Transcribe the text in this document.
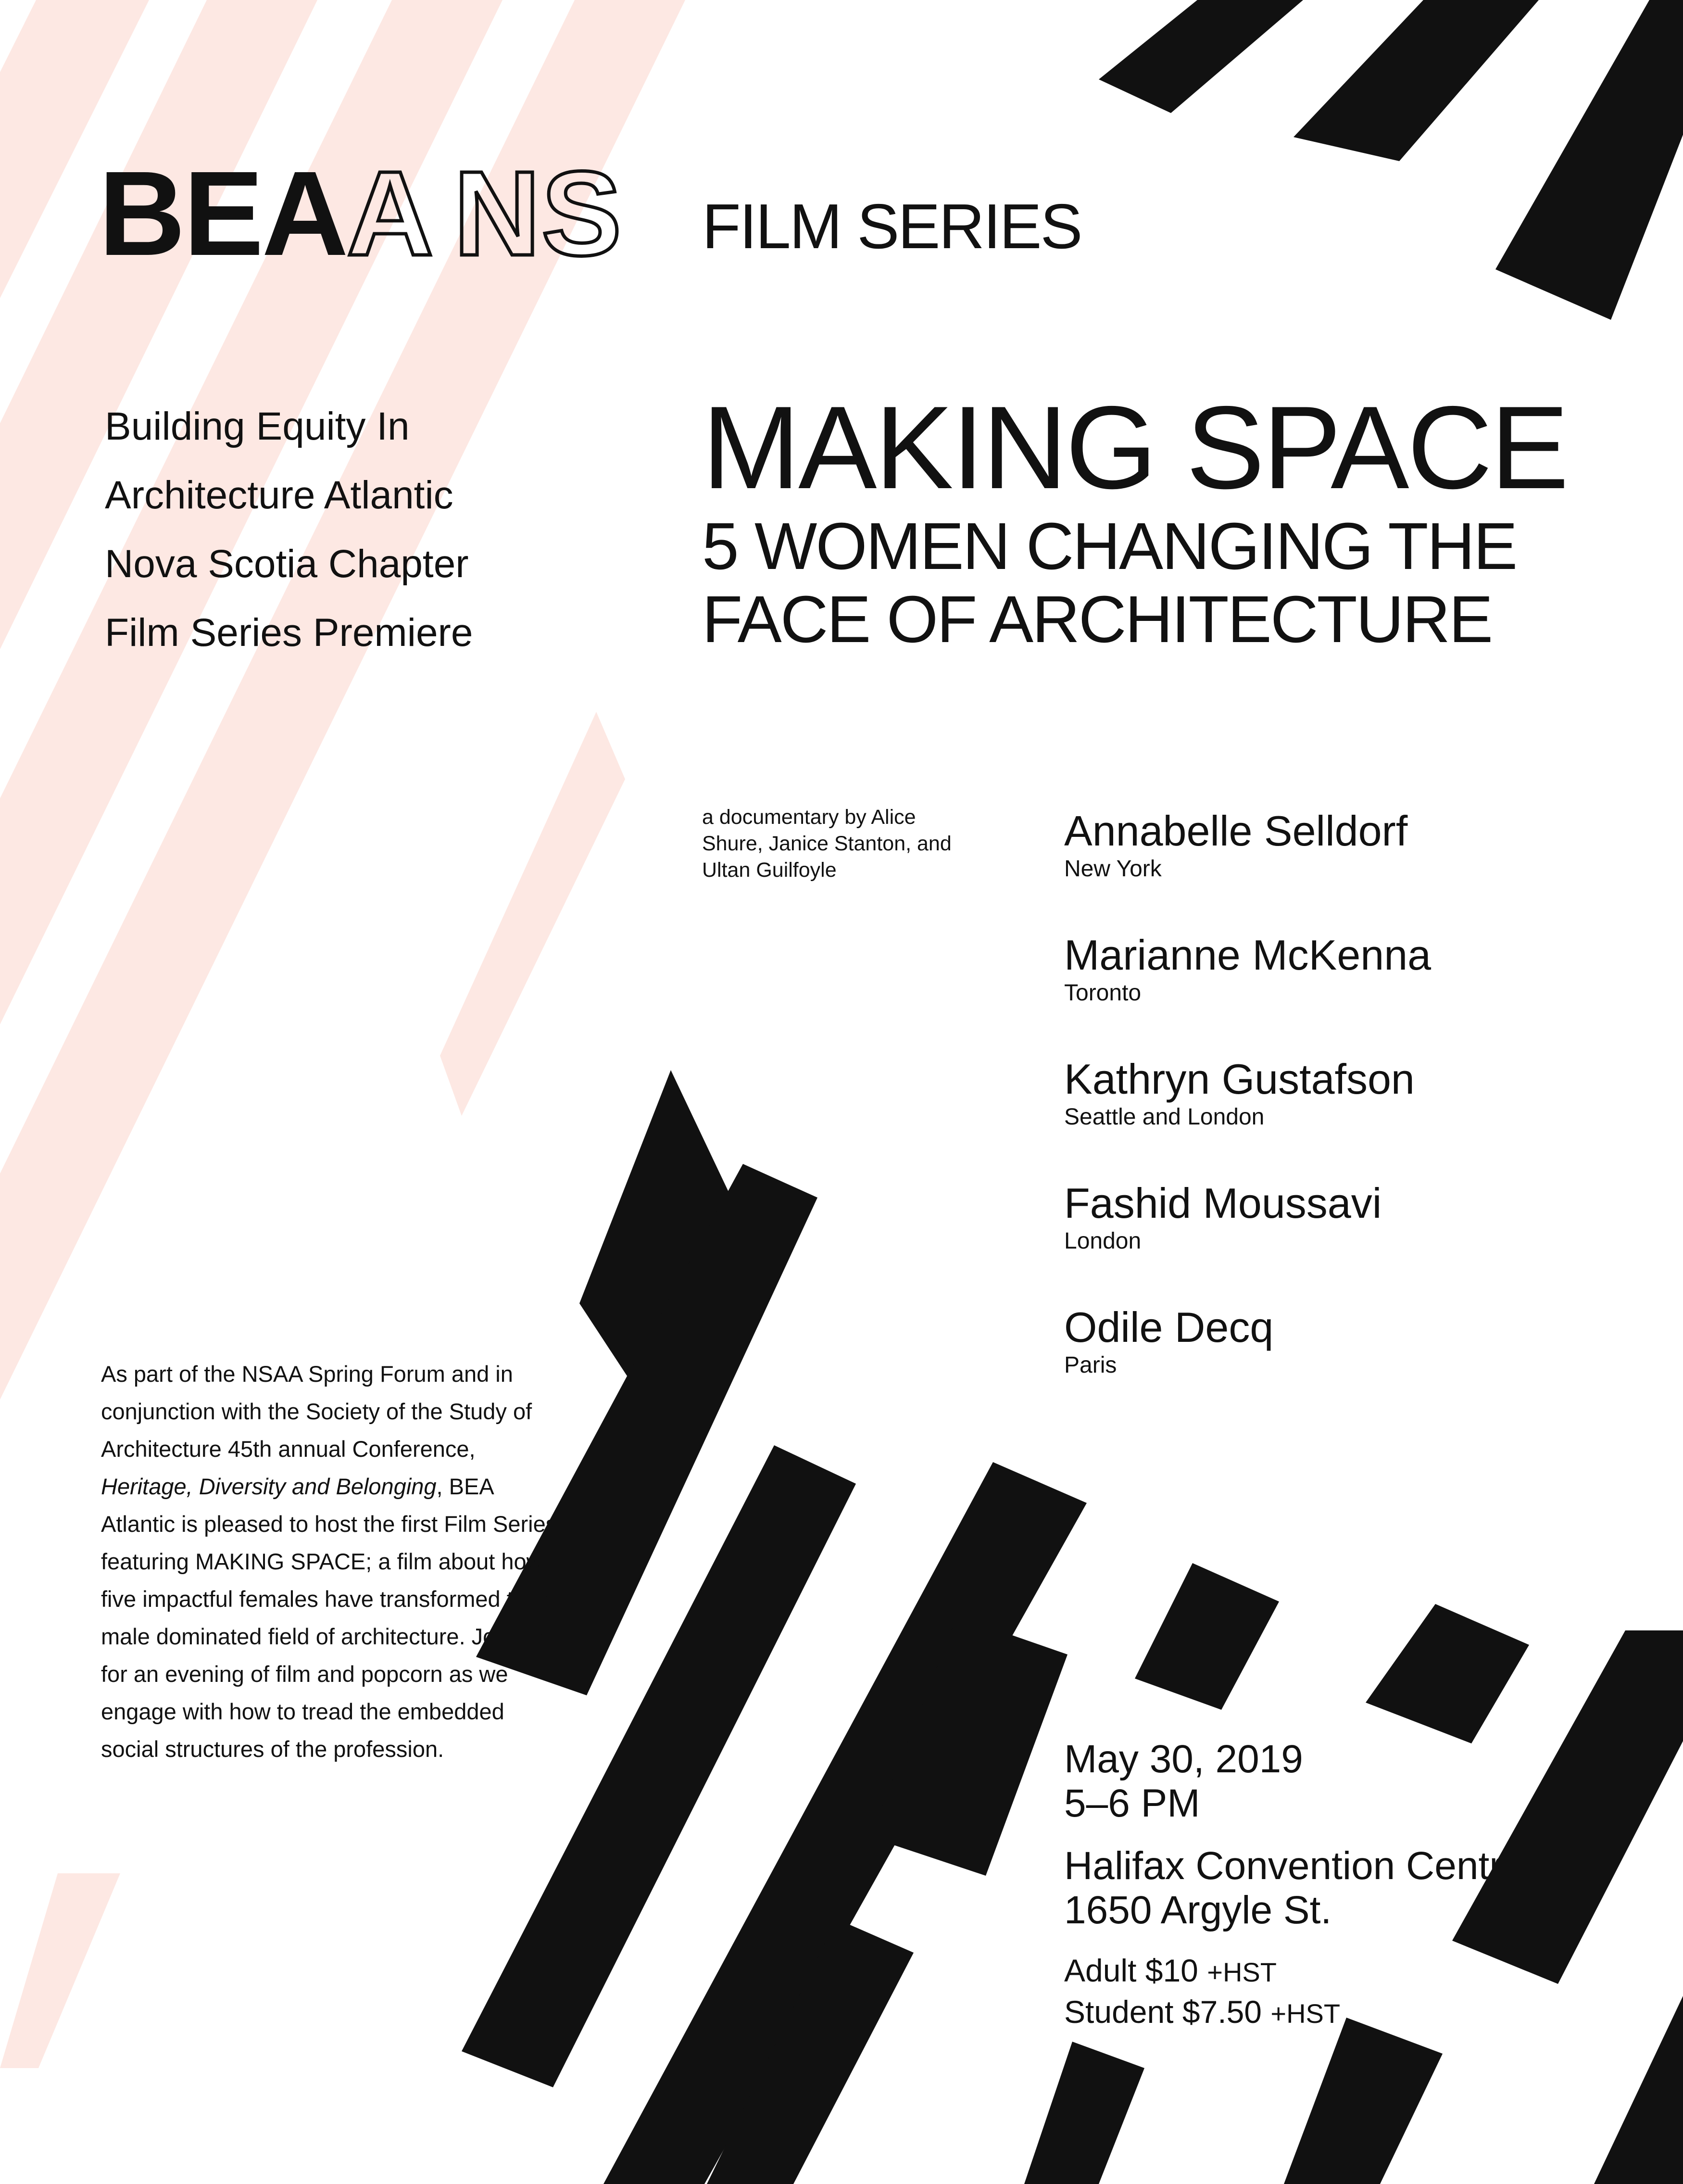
BEAA NS FILM SERIES
Building Equity In
Architecture Atlantic
Nova Scotia Chapter
Film Series Premiere
MAKING SPACE
5 WOMEN CHANGING THE
FACE OF ARCHITECTURE
a documentary by Alice Shure, Janice Stanton, and Ultan Guilfoyle
Annabelle Selldorf
New York
Marianne McKenna
Toronto
Kathryn Gustafson
Seattle and London
Fashid Moussavi
London
Odile Decq
Paris

As part of the NSAA Spring Forum and in conjunction with the Society of the Study of Architecture 45th annual Conference, Heritage, Diversity and Belonging, BEA Atlantic is pleased to host the first Film Series featuring MAKING SPACE; a film about how five impactful females have transformed their male dominated field of architecture. Join us for an evening of film and popcorn as we engage with how to tread the embedded social structures of the profession.	May 30, 2019
5–6 PM
Halifax Convention Centre
1650 Argyle St.
Adult $10 +HST
Student $7.50 +HST
